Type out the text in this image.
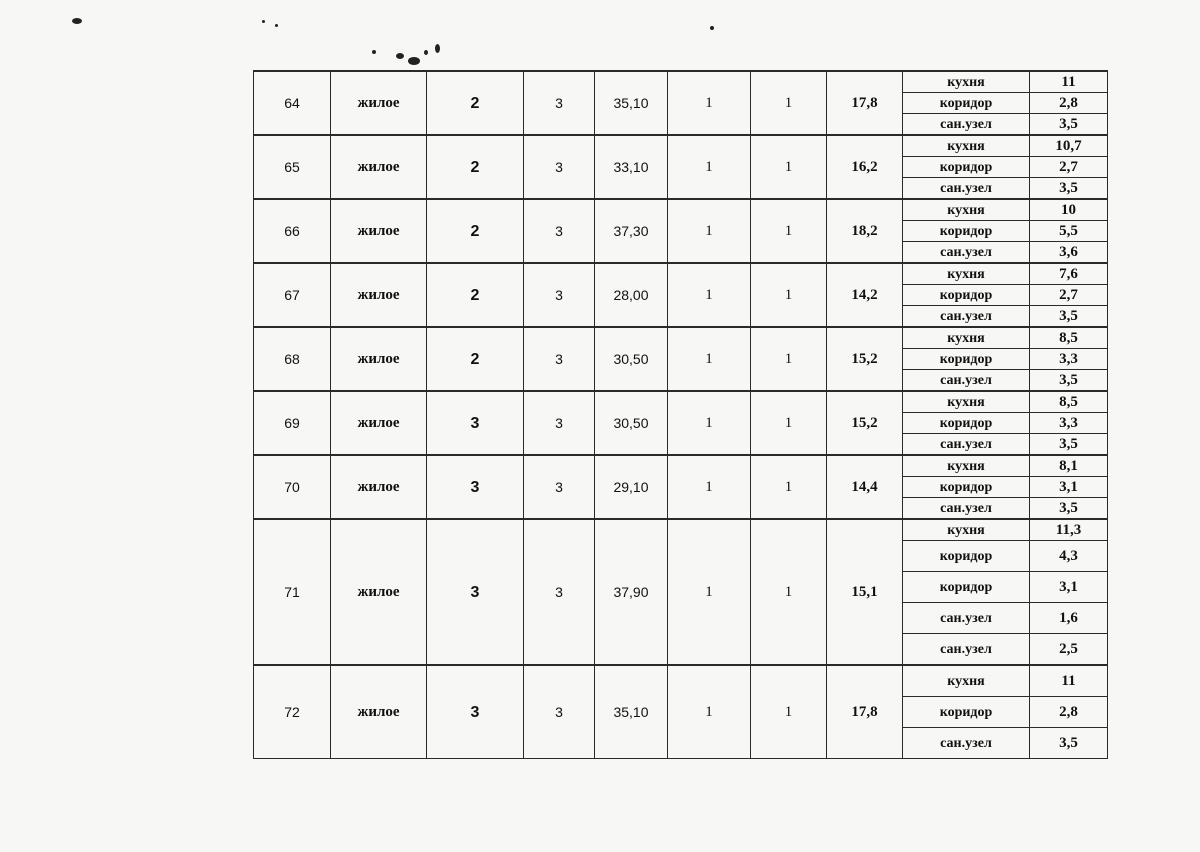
64	жилое	2	3	35,10	1	1	17,8	кухня	11
								коридор	2,8
								сан.узел	3,5
65	жилое	2	3	33,10	1	1	16,2	кухня	10,7
								коридор	2,7
								сан.узел	3,5
66	жилое	2	3	37,30	1	1	18,2	кухня	10
								коридор	5,5
								сан.узел	3,6
67	жилое	2	3	28,00	1	1	14,2	кухня	7,6
								коридор	2,7
								сан.узел	3,5
68	жилое	2	3	30,50	1	1	15,2	кухня	8,5
								коридор	3,3
								сан.узел	3,5
69	жилое	3	3	30,50	1	1	15,2	кухня	8,5
								коридор	3,3
								сан.узел	3,5
70	жилое	3	3	29,10	1	1	14,4	кухня	8,1
								коридор	3,1
								сан.узел	3,5
71	жилое	3	3	37,90	1	1	15,1	кухня	11,3
								коридор	4,3
								коридор	3,1
								сан.узел	1,6
								сан.узел	2,5
72	жилое	3	3	35,10	1	1	17,8	кухня	11
								коридор	2,8
								сан.узел	3,5
